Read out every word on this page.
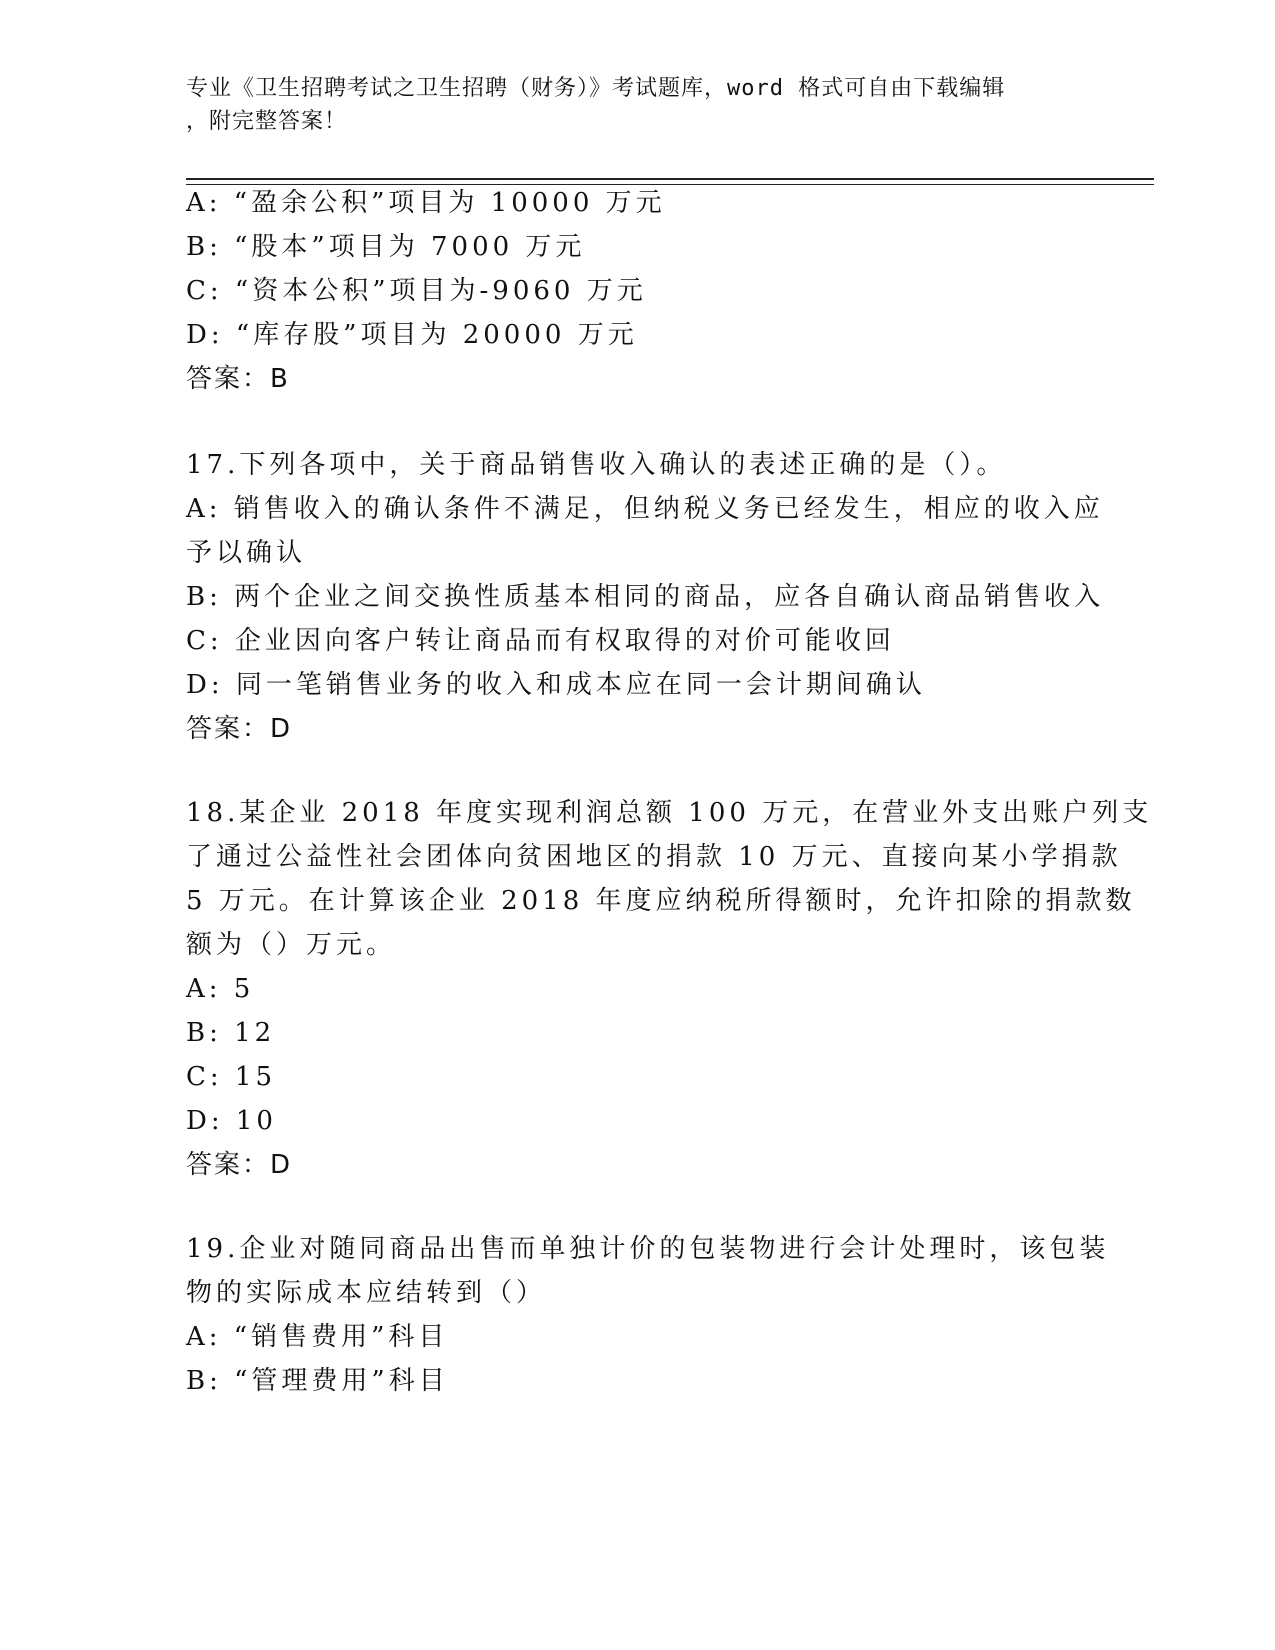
专业《卫生招聘考试之卫生招聘（财务）》考试题库，word 格式可自由下载编辑
，附完整答案！
A: “盈余公积”项目为 10000 万元
B: “股本”项目为 7000 万元
C: “资本公积”项目为-9060 万元
D: “库存股”项目为 20000 万元
答案：B
17.下列各项中，关于商品销售收入确认的表述正确的是（）。
A: 销售收入的确认条件不满足，但纳税义务已经发生，相应的收入应
予以确认
B: 两个企业之间交换性质基本相同的商品，应各自确认商品销售收入
C: 企业因向客户转让商品而有权取得的对价可能收回
D: 同一笔销售业务的收入和成本应在同一会计期间确认
答案：D
18.某企业 2018 年度实现利润总额 100 万元，在营业外支出账户列支
了通过公益性社会团体向贫困地区的捐款 10 万元、直接向某小学捐款
5 万元。在计算该企业 2018 年度应纳税所得额时，允许扣除的捐款数
额为（）万元。
A: 5
B: 12
C: 15
D: 10
答案：D
19.企业对随同商品出售而单独计价的包装物进行会计处理时，该包装
物的实际成本应结转到（）
A: “销售费用”科目
B: “管理费用”科目
